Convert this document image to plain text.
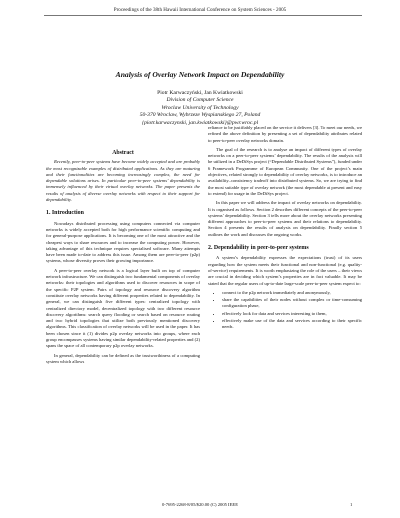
Proceedings of the 38th Hawaii International Conference on System Sciences - 2005
Analysis of Overlay Network Impact on Dependability
Piotr Karwaczyński, Jan Kwiatkowski
Division of Computer Science
Wroclaw University of Technology
50-370 Wroclaw, Wybrzeze Wyspianskiego 27, Poland
{piotr.karwaczynski, jan.kwiatkowski}@pwr.wroc.pl
Abstract

Recently, peer-to-peer systems have become widely accepted and are probably the most recognizable examples of distributed applications. As they are maturing and their functionalities are becoming increasingly complex, the need for dependable solutions arises. In particular peer-to-peer systems’ dependability is immensely influenced by their virtual overlay networks. The paper presents the results of analysis of diverse overlay networks with respect to their support for dependability.

1. Introduction

Nowadays distributed processing using computers connected via computer networks is widely accepted both for high performance scientific computing and for general-purpose applications. It is becoming one of the most attractive and the cheapest ways to share resources and to increase the computing power. However, taking advantage of this technique requires specialised software. Many attempts have been made to-date to address this issue. Among them are peer-to-peer (p2p) systems, whose diversity proves their growing importance.

A peer-to-peer overlay network is a logical layer built on top of computer network infrastructure. We can distinguish two fundamental components of overlay networks: their topologies and algorithms used to discover resources in scope of the specific P2P system. Pairs of topology and resource discovery algorithm constitute overlay networks having different properties related to dependability. In general, we can distinguish five different types: centralized topology with centralized directory model, decentralized topology with two different resource discovery algorithms: search query flooding or search based on resource routing and two hybrid topologies that utilize both previously mentioned discovery algorithms. This classification of overlay networks will be used in the paper. It has been chosen since it (1) divides p2p overlay networks into groups, where each group encompasses systems having similar dependability-related properties and (2) spans the space of all contemporary p2p overlay networks.

In general, dependability can be defined as the trustworthiness of a computing system which allows

reliance to be justifiably placed on the service it delivers [3]. To meet our needs, we refined the above definition by presenting a set of dependability attributes related to peer-to-peer overlay networks domain.

The goal of the research is to analyse an impact of different types of overlay networks on a peer-to-peer systems’ dependability. The results of the analysis will be utilized in a DeDiSys project (“Dependable Distributed Systems”), funded under 6 Framework Programme of European Community. One of the project’s main objectives, related strongly to dependability of overlay networks, is to introduce an availability–consistency tradeoff into distributed systems. So, we are trying to find the most suitable type of overlay network (the most dependable at present and easy to extend) for usage in the DeDiSys project.

In this paper we will address the impact of overlay networks on dependability. It is organised as follows. Section 2 describes different concepts of the peer-to-peer systems’ dependability. Section 3 tells more about the overlay networks presenting different approaches to peer-to-peer systems and their relations to dependability. Section 4 presents the results of analysis on dependability. Finally section 5 outlines the work and discusses the ongoing works.

2. Dependability in peer-to-peer systems

A system’s dependability expresses the expectations (trust) of its users regarding how the system meets their functional and non-functional (e.g. quality-of-service) requirements. It is worth emphasizing the role of the users – their views are crucial in deciding which system’s properties are in fact valuable. It may be stated that the regular users of up-to-date large-scale peer-to-peer system expect to:

• connect to the p2p network immediately and anonymously,
• share the capabilities of their nodes without complex or time-consuming configuration phase,
• effectively look for data and services interesting to them,
• effectively make use of the data and services according to their specific needs.
0-7695-2268-8/05/$20.00 (C) 2005 IEEE	1
